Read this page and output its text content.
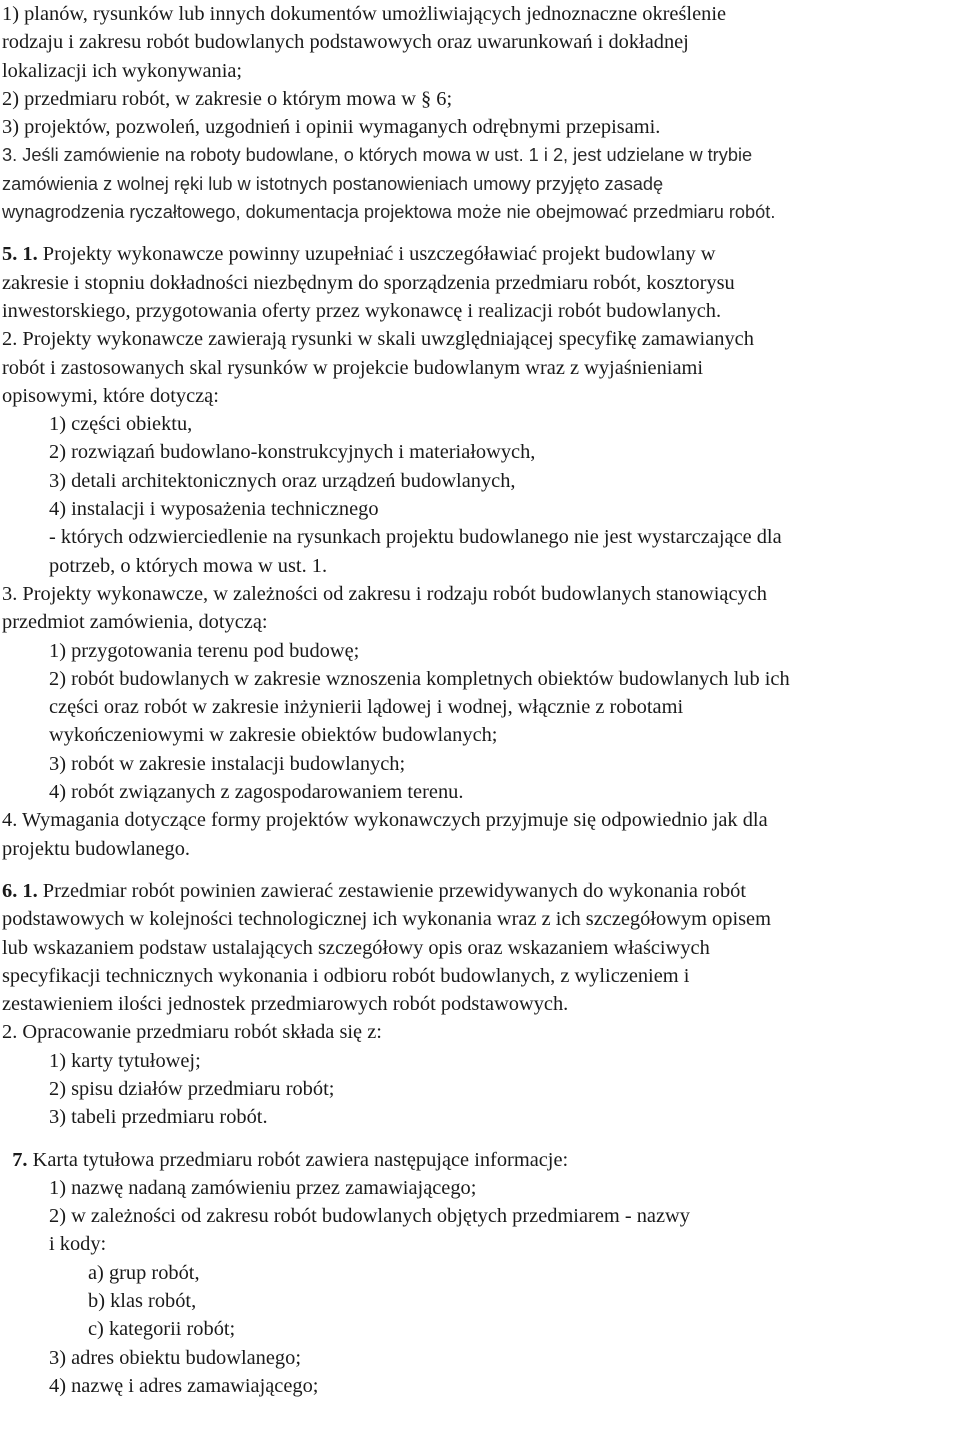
1) planów, rysunków lub innych dokumentów umożliwiających jednoznaczne określenie
rodzaju i zakresu robót budowlanych podstawowych oraz uwarunkowań i dokładnej
lokalizacji ich wykonywania;
2) przedmiaru robót, w zakresie o którym mowa w § 6;
3) projektów, pozwoleń, uzgodnień i opinii wymaganych odrębnymi przepisami.
3. Jeśli zamówienie na roboty budowlane, o których mowa w ust. 1 i 2, jest udzielane w trybie
zamówienia z wolnej ręki lub w istotnych postanowieniach umowy przyjęto zasadę
wynagrodzenia ryczałtowego, dokumentacja projektowa może nie obejmować przedmiaru robót.
5. 1. Projekty wykonawcze powinny uzupełniać i uszczegóławiać projekt budowlany w
zakresie i stopniu dokładności niezbędnym do sporządzenia przedmiaru robót, kosztorysu
inwestorskiego, przygotowania oferty przez wykonawcę i realizacji robót budowlanych.
2. Projekty wykonawcze zawierają rysunki w skali uwzględniającej specyfikę zamawianych
robót i zastosowanych skal rysunków w projekcie budowlanym wraz z wyjaśnieniami
opisowymi, które dotyczą:
1) części obiektu,
2) rozwiązań budowlano-konstrukcyjnych i materiałowych,
3) detali architektonicznych oraz urządzeń budowlanych,
4) instalacji i wyposażenia technicznego
- których odzwierciedlenie na rysunkach projektu budowlanego nie jest wystarczające dla
potrzeb, o których mowa w ust. 1.
3. Projekty wykonawcze, w zależności od zakresu i rodzaju robót budowlanych stanowiących
przedmiot zamówienia, dotyczą:
1) przygotowania terenu pod budowę;
2) robót budowlanych w zakresie wznoszenia kompletnych obiektów budowlanych lub ich
części oraz robót w zakresie inżynierii lądowej i wodnej, włącznie z robotami
wykończeniowymi w zakresie obiektów budowlanych;
3) robót w zakresie instalacji budowlanych;
4) robót związanych z zagospodarowaniem terenu.
4. Wymagania dotyczące formy projektów wykonawczych przyjmuje się odpowiednio jak dla
projektu budowlanego.
6. 1. Przedmiar robót powinien zawierać zestawienie przewidywanych do wykonania robót
podstawowych w kolejności technologicznej ich wykonania wraz z ich szczegółowym opisem
lub wskazaniem podstaw ustalających szczegółowy opis oraz wskazaniem właściwych
specyfikacji technicznych wykonania i odbioru robót budowlanych, z wyliczeniem i
zestawieniem ilości jednostek przedmiarowych robót podstawowych.
2. Opracowanie przedmiaru robót składa się z:
1) karty tytułowej;
2) spisu działów przedmiaru robót;
3) tabeli przedmiaru robót.
7. Karta tytułowa przedmiaru robót zawiera następujące informacje:
1) nazwę nadaną zamówieniu przez zamawiającego;
2) w zależności od zakresu robót budowlanych objętych przedmiarem - nazwy
i kody:
a) grup robót,
b) klas robót,
c) kategorii robót;
3) adres obiektu budowlanego;
4) nazwę i adres zamawiającego;
